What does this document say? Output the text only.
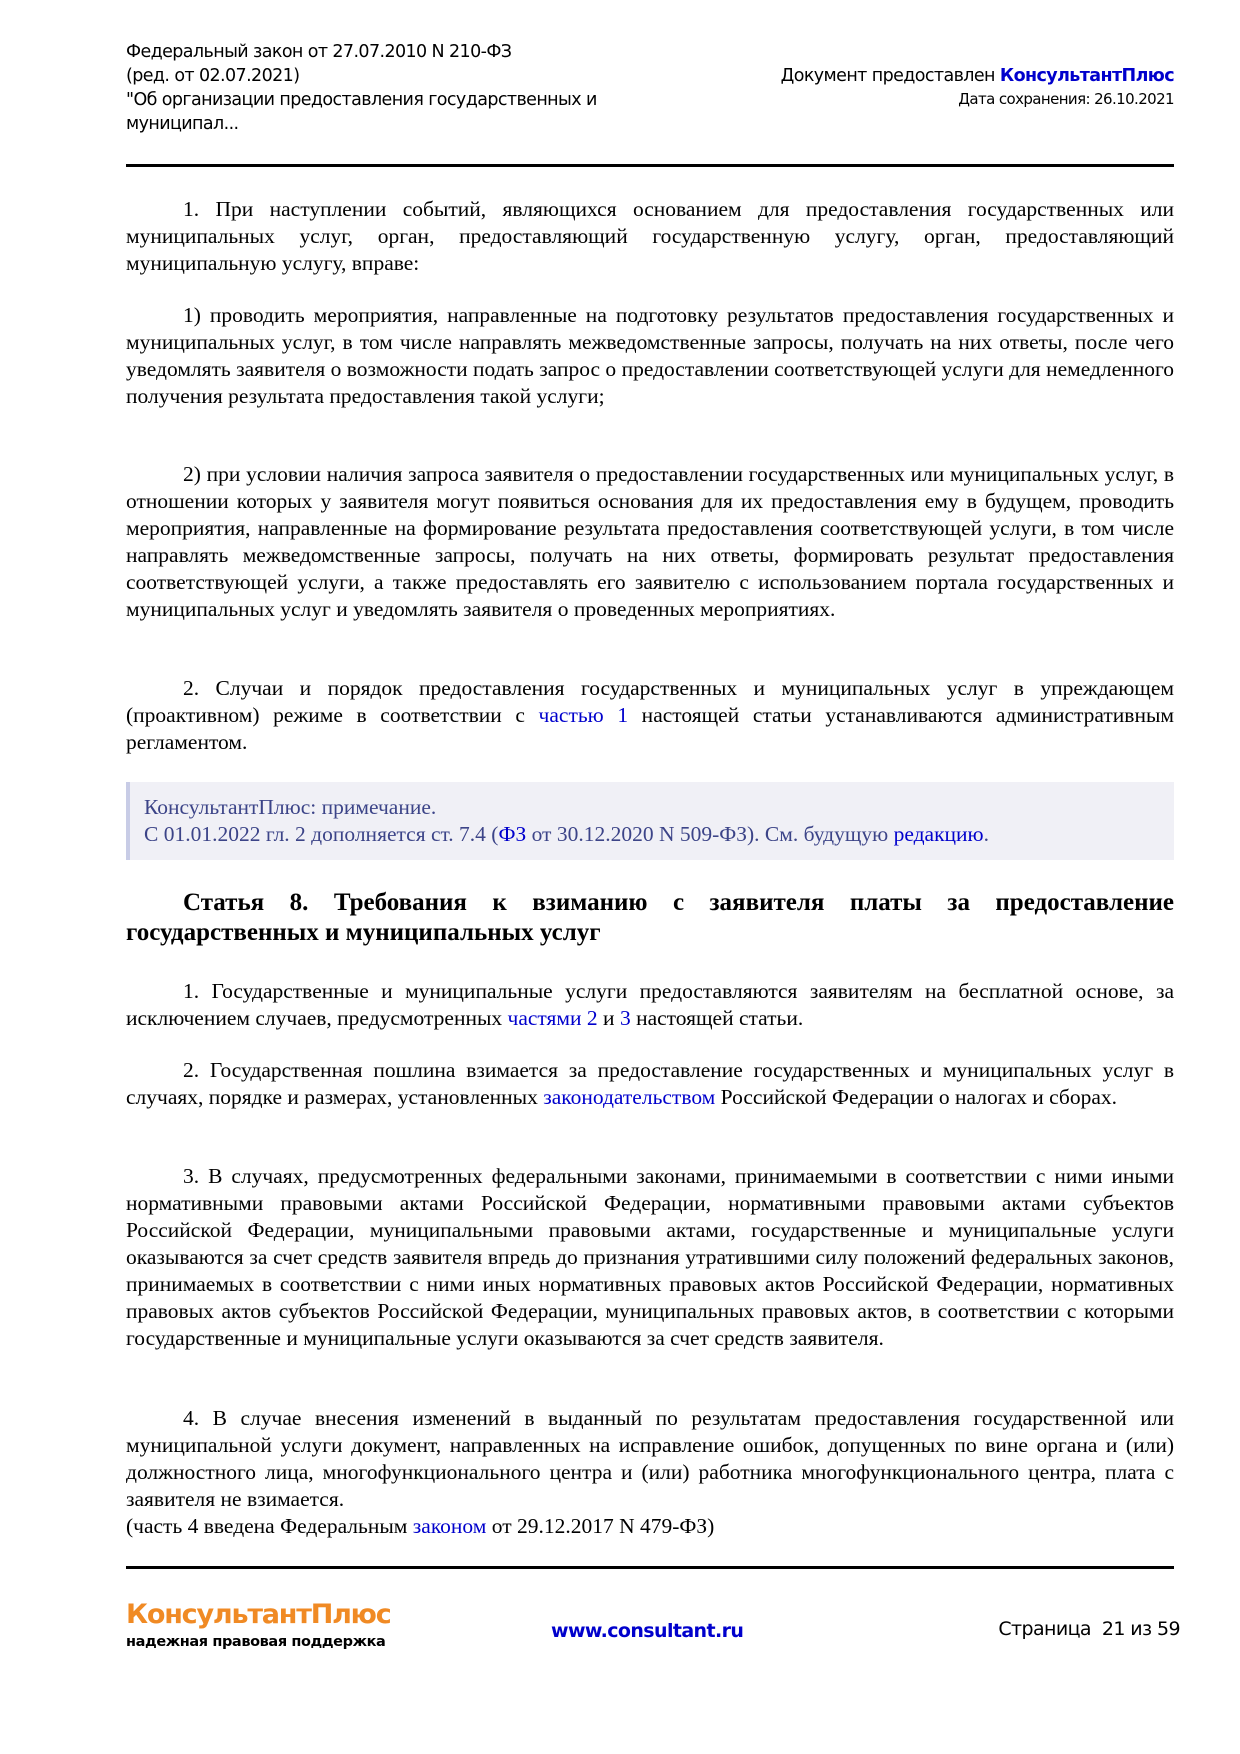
Федеральный закон от 27.07.2010 N 210-ФЗ
(ред. от 02.07.2021)
"Об организации предоставления государственных и
муниципал...
Документ предоставлен КонсультантПлюс
Дата сохранения: 26.10.2021
1. При наступлении событий, являющихся основанием для предоставления государственных или муниципальных услуг, орган, предоставляющий государственную услугу, орган, предоставляющий муниципальную услугу, вправе:
1) проводить мероприятия, направленные на подготовку результатов предоставления государственных и муниципальных услуг, в том числе направлять межведомственные запросы, получать на них ответы, после чего уведомлять заявителя о возможности подать запрос о предоставлении соответствующей услуги для немедленного получения результата предоставления такой услуги;
2) при условии наличия запроса заявителя о предоставлении государственных или муниципальных услуг, в отношении которых у заявителя могут появиться основания для их предоставления ему в будущем, проводить мероприятия, направленные на формирование результата предоставления соответствующей услуги, в том числе направлять межведомственные запросы, получать на них ответы, формировать результат предоставления соответствующей услуги, а также предоставлять его заявителю с использованием портала государственных и муниципальных услуг и уведомлять заявителя о проведенных мероприятиях.
2. Случаи и порядок предоставления государственных и муниципальных услуг в упреждающем (проактивном) режиме в соответствии с частью 1 настоящей статьи устанавливаются административным регламентом.
КонсультантПлюс: примечание.
С 01.01.2022 гл. 2 дополняется ст. 7.4 (ФЗ от 30.12.2020 N 509-ФЗ). См. будущую редакцию.
Статья 8. Требования к взиманию с заявителя платы за предоставление государственных и муниципальных услуг
1. Государственные и муниципальные услуги предоставляются заявителям на бесплатной основе, за исключением случаев, предусмотренных частями 2 и 3 настоящей статьи.
2. Государственная пошлина взимается за предоставление государственных и муниципальных услуг в случаях, порядке и размерах, установленных законодательством Российской Федерации о налогах и сборах.
3. В случаях, предусмотренных федеральными законами, принимаемыми в соответствии с ними иными нормативными правовыми актами Российской Федерации, нормативными правовыми актами субъектов Российской Федерации, муниципальными правовыми актами, государственные и муниципальные услуги оказываются за счет средств заявителя впредь до признания утратившими силу положений федеральных законов, принимаемых в соответствии с ними иных нормативных правовых актов Российской Федерации, нормативных правовых актов субъектов Российской Федерации, муниципальных правовых актов, в соответствии с которыми государственные и муниципальные услуги оказываются за счет средств заявителя.
4. В случае внесения изменений в выданный по результатам предоставления государственной или муниципальной услуги документ, направленных на исправление ошибок, допущенных по вине органа и (или) должностного лица, многофункционального центра и (или) работника многофункционального центра, плата с заявителя не взимается.
(часть 4 введена Федеральным законом от 29.12.2017 N 479-ФЗ)
КонсультантПлюс
надежная правовая поддержка	www.consultant.ru	Страница 21 из 59
